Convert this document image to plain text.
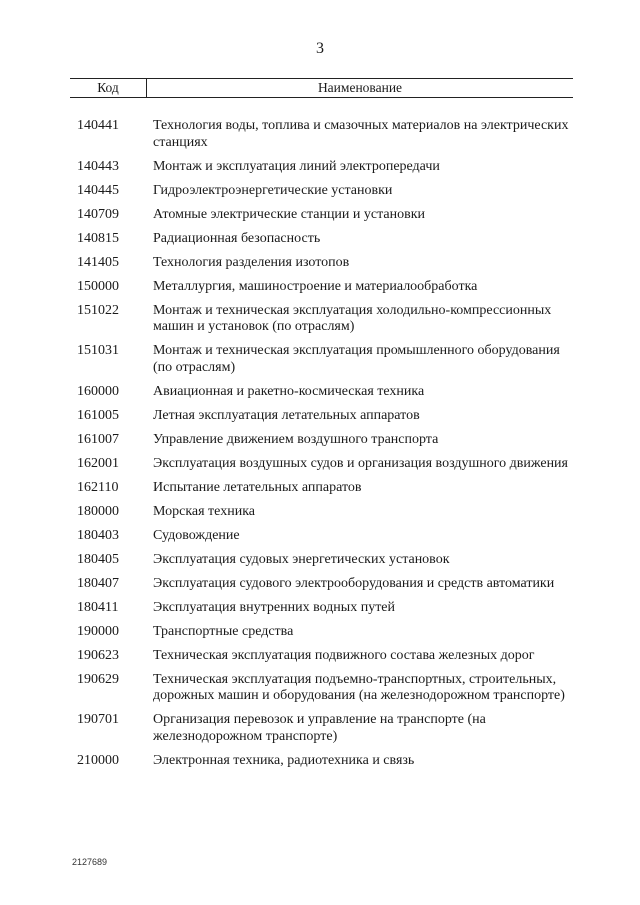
3
Код	Наименование
140441	Технология воды, топлива и смазочных материалов на электрических станциях
140443	Монтаж и эксплуатация линий электропередачи
140445	Гидроэлектроэнергетические установки
140709	Атомные электрические станции и установки
140815	Радиационная безопасность
141405	Технология разделения изотопов
150000	Металлургия, машиностроение и материалообработка
151022	Монтаж и техническая эксплуатация холодильно-компрессионных машин и установок (по отраслям)
151031	Монтаж и техническая эксплуатация промышленного оборудования (по отраслям)
160000	Авиационная и ракетно-космическая техника
161005	Летная эксплуатация летательных аппаратов
161007	Управление движением воздушного транспорта
162001	Эксплуатация воздушных судов и организация воздушного движения
162110	Испытание летательных аппаратов
180000	Морская техника
180403	Судовождение
180405	Эксплуатация судовых энергетических установок
180407	Эксплуатация судового электрооборудования и средств автоматики
180411	Эксплуатация внутренних водных путей
190000	Транспортные средства
190623	Техническая эксплуатация подвижного состава железных дорог
190629	Техническая эксплуатация подъемно-транспортных, строительных, дорожных машин и оборудования (на железнодорожном транспорте)
190701	Организация перевозок и управление на транспорте (на железнодорожном транспорте)
210000	Электронная техника, радиотехника и связь
2127689
